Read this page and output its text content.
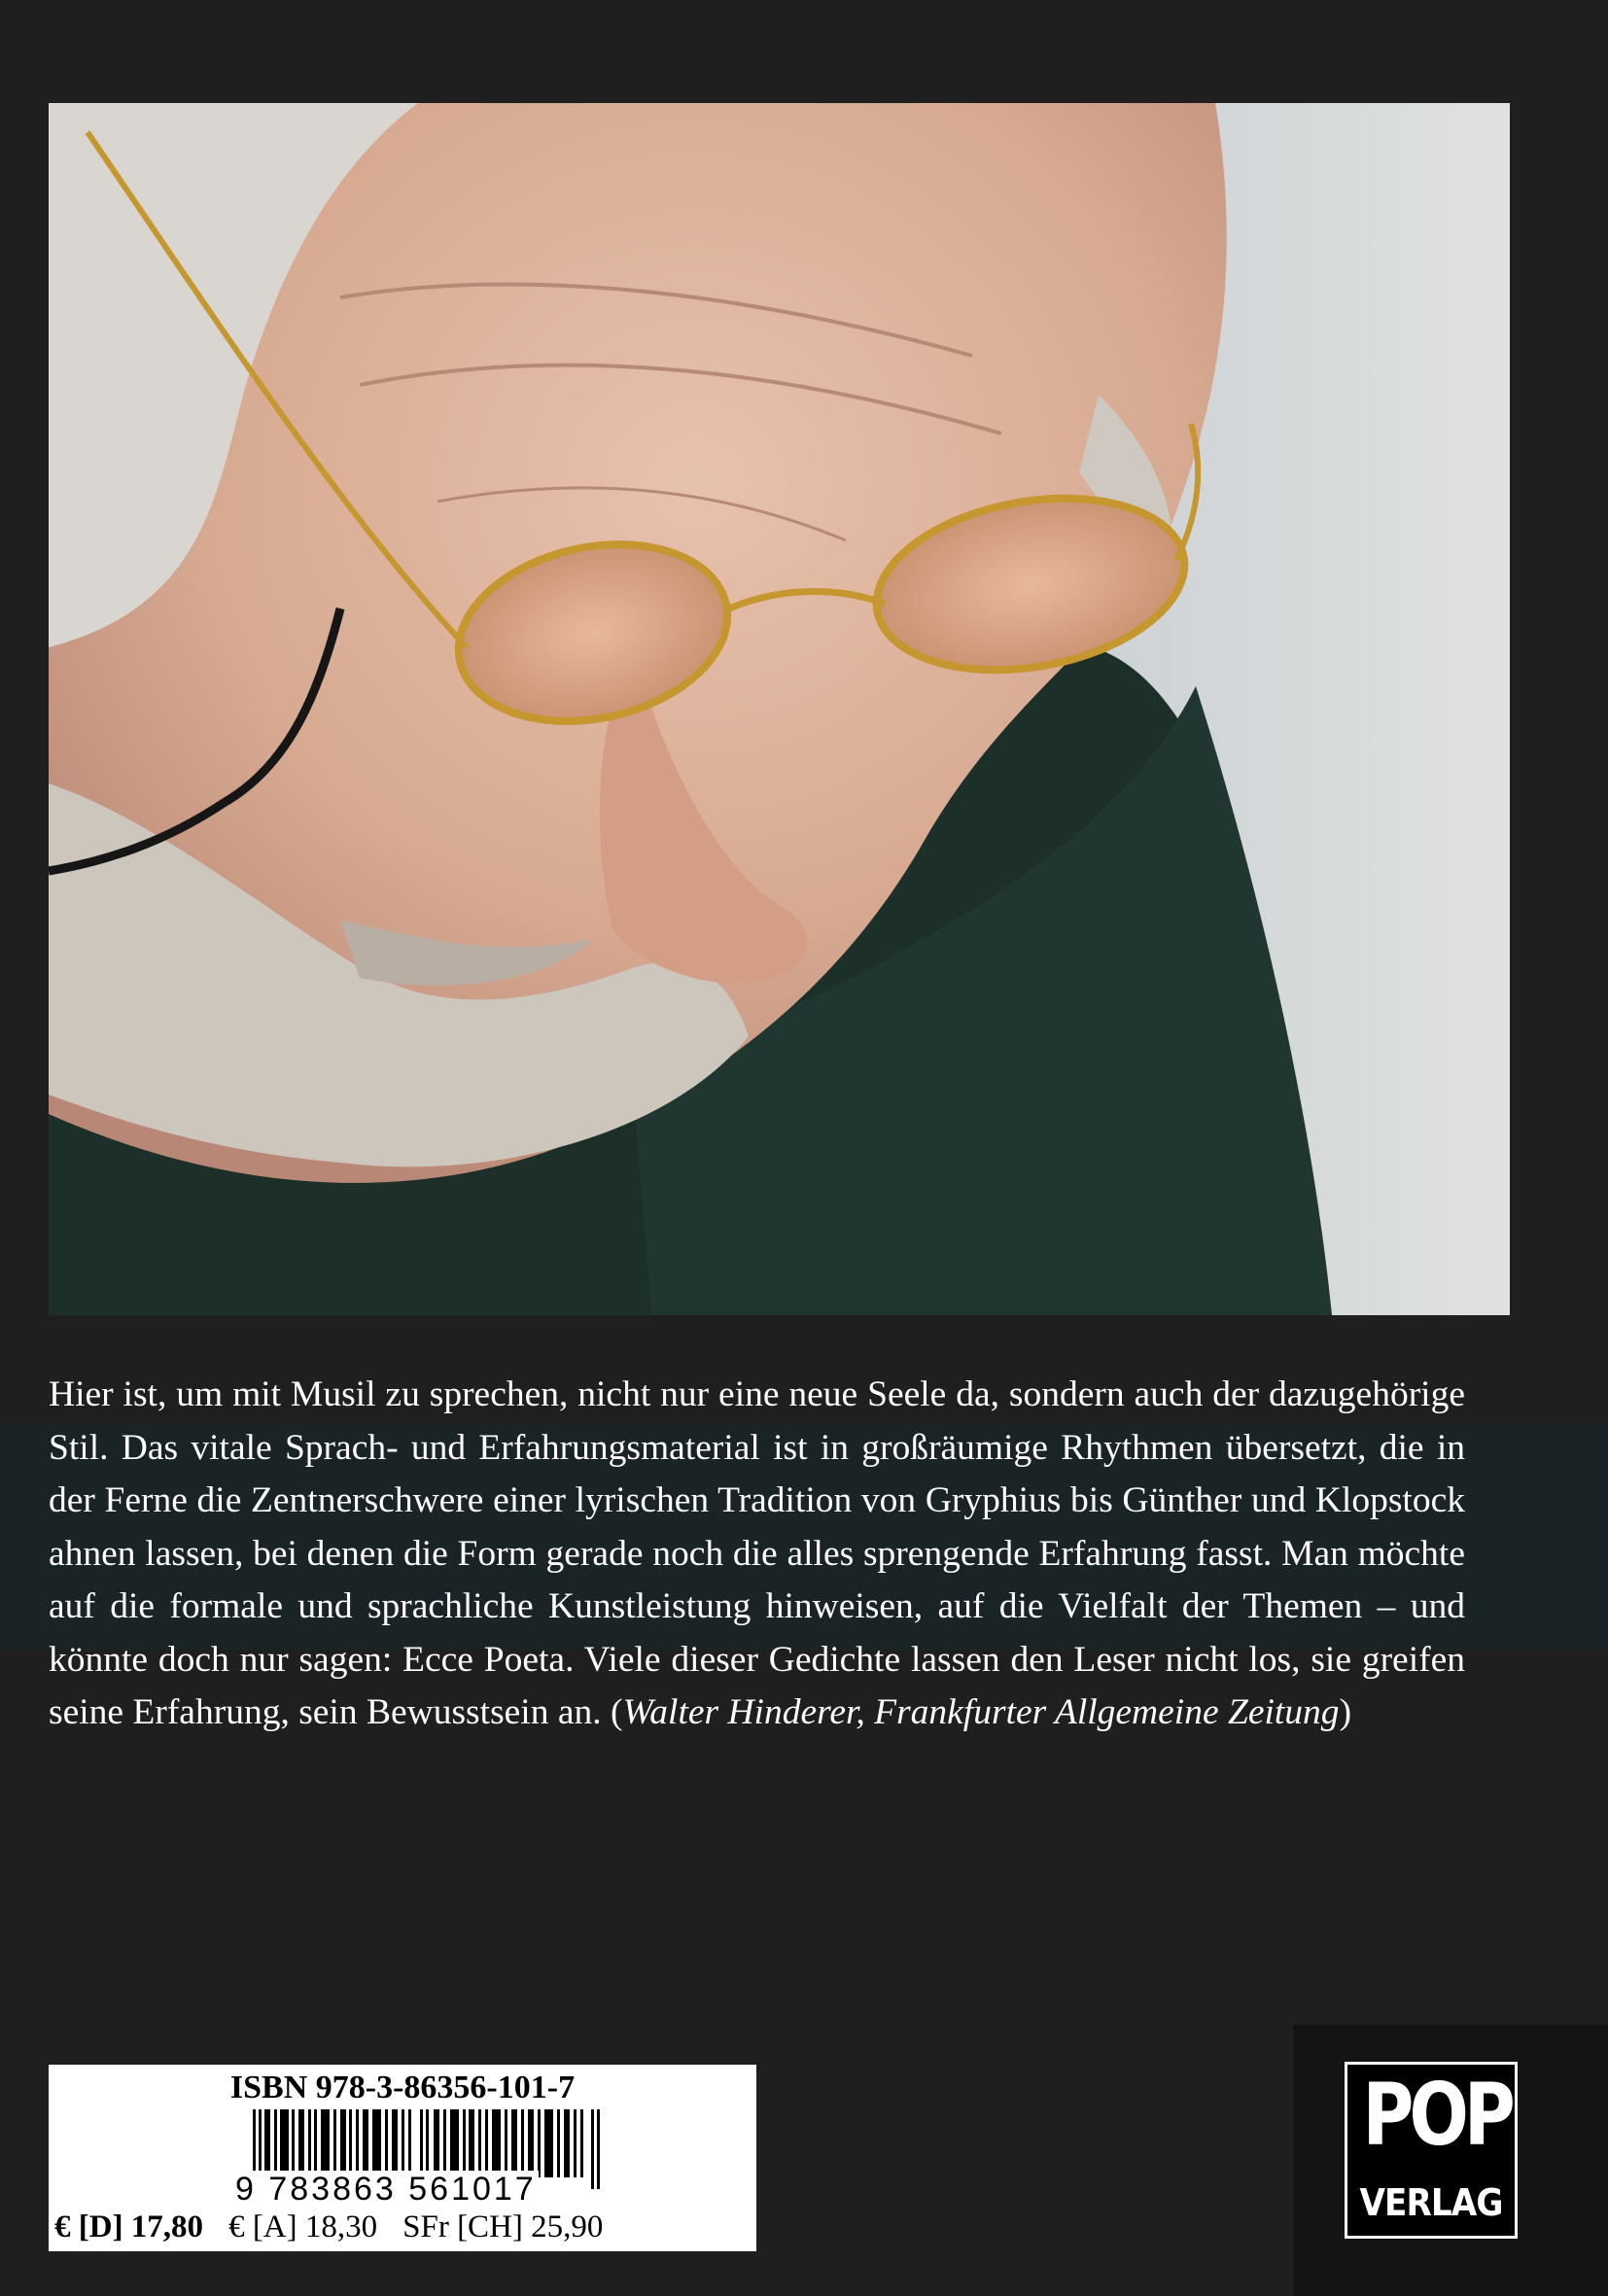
Hier ist, um mit Musil zu sprechen, nicht nur eine neue Seele da, sondern auch der dazugehörige Stil. Das vitale Sprach- und Erfahrungsmaterial ist in großräumige Rhythmen übersetzt, die in der Ferne die Zentnerschwere einer lyrischen Tradition von Gryphius bis Günther und Klopstock ahnen lassen, bei denen die Form gerade noch die alles sprengende Erfahrung fasst. Man möchte auf die formale und sprachliche Kunstleistung hinweisen, auf die Vielfalt der Themen – und könnte doch nur sagen: Ecce Poeta. Viele dieser Gedichte lassen den Leser nicht los, sie greifen seine Erfahrung, sein Bewusstsein an. (Walter Hinderer, Frankfurter Allgemeine Zeitung)

ISBN 978-3-86356-101-7
9 783863 561017
€ [D] 17,80 € [A] 18,30 SFr [CH] 25,90
POP
VERLAG
